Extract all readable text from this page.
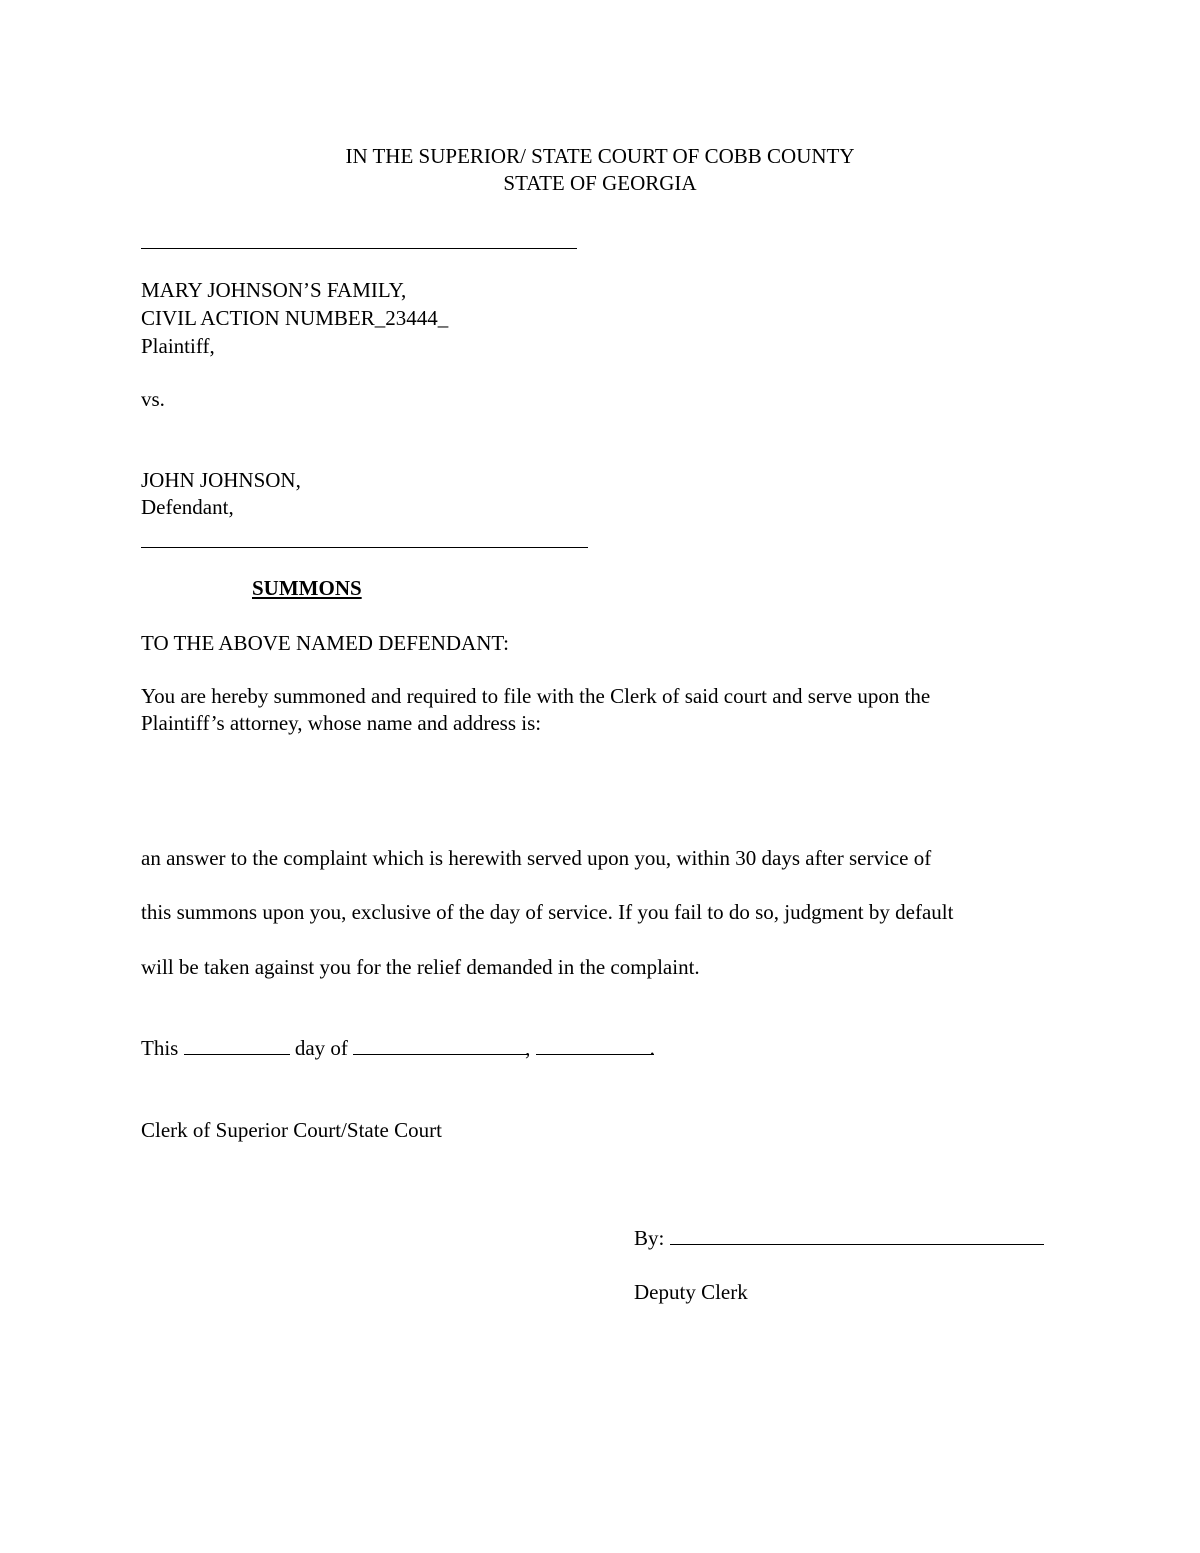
IN THE SUPERIOR/ STATE COURT OF COBB COUNTY
STATE OF GEORGIA
MARY JOHNSON’S FAMILY,
CIVIL ACTION NUMBER_23444_
Plaintiff,
vs.
JOHN JOHNSON,
Defendant,
SUMMONS
TO THE ABOVE NAMED DEFENDANT:
You are hereby summoned and required to file with the Clerk of said court and serve upon the
Plaintiff’s attorney, whose name and address is:
an answer to the complaint which is herewith served upon you, within 30 days after service of
this summons upon you, exclusive of the day of service. If you fail to do so, judgment by default
will be taken against you for the relief demanded in the complaint.
This	day of	,	.
Clerk of Superior Court/State Court
By:
Deputy Clerk
